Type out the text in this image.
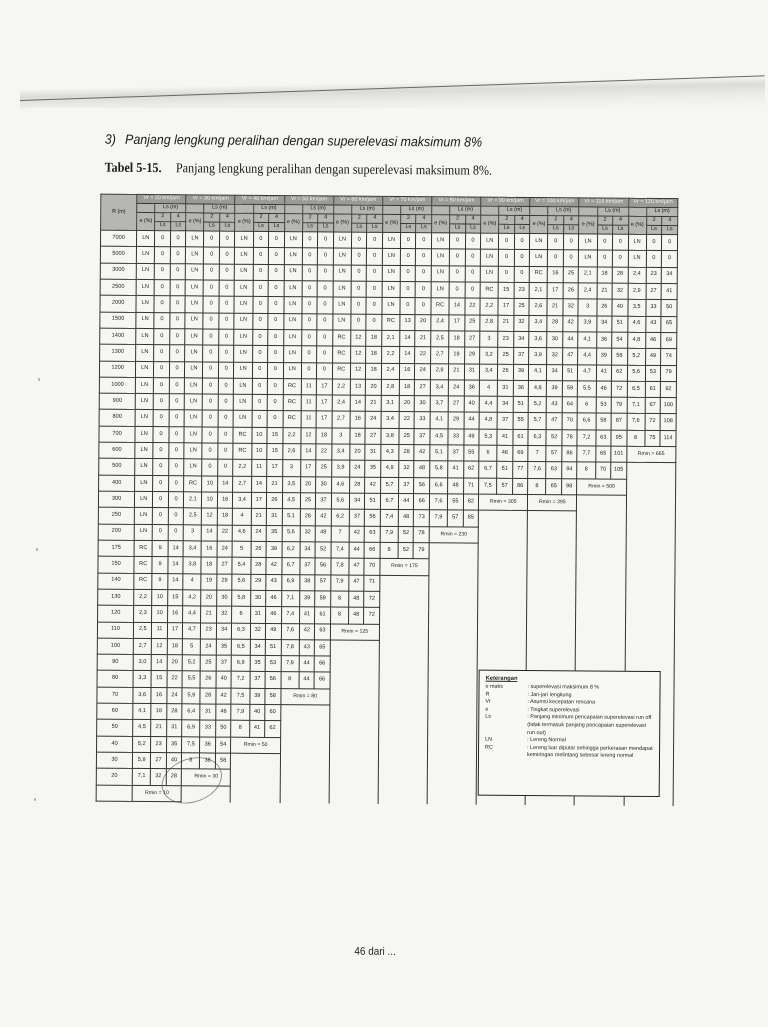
3) Panjang lengkung peralihan dengan superelevasi maksimum 8%
Tabel 5-15. Panjang lengkung peralihan dengan superelevasi maksimum 8%.
R (m)	Vr = 20 km/jam			Vr = 30 km/jam			Vr = 40 km/jam			Vr = 50 km/jam			Vr = 60 km/jam			Vr = 70 km/jam			Vr = 80 km/jam			Vr = 90 km/jam			Vr = 100 km/jam			Vr = 110 km/jam			Vr = 120 km/jam		
		Ls (m)			Ls (m)			Ls (m)			Ls (m)			Ls (m)			Ls (m)			Ls (m)			Ls (m)			Ls (m)			Ls (m)			Ls (m)	
	e (%)	2	4	e (%)	2	4	e (%)	2	4	e (%)	2	4	e (%)	2	4	e (%)	2	4	e (%)	2	4	e (%)	2	4	e (%)	2	4	e (%)	2	4	e (%)	2	4
		Ls	Ls		Ls	Ls		Ls	Ls		Ls	Ls		Ls	Ls		Ls	Ls		Ls	Ls		Ls	Ls		Ls	Ls		Ls	Ls		Ls	Ls
7000	LN	0	0	LN	0	0	LN	0	0	LN	0	0	LN	0	0	LN	0	0	LN	0	0	LN	0	0	LN	0	0	LN	0	0	LN	0	0
5000	LN	0	0	LN	0	0	LN	0	0	LN	0	0	LN	0	0	LN	0	0	LN	0	0	LN	0	0	LN	0	0	LN	0	0	LN	0	0
3000	LN	0	0	LN	0	0	LN	0	0	LN	0	0	LN	0	0	LN	0	0	LN	0	0	LN	0	0	RC	16	25	2,1	18	28	2,4	23	34
2500	LN	0	0	LN	0	0	LN	0	0	LN	0	0	LN	0	0	LN	0	0	LN	0	0	RC	15	23	2,1	17	26	2,4	21	32	2,9	27	41
2000	LN	0	0	LN	0	0	LN	0	0	LN	0	0	LN	0	0	LN	0	0	RC	14	22	2,2	17	25	2,6	21	32	3	26	40	3,5	33	50
1500	LN	0	0	LN	0	0	LN	0	0	LN	0	0	LN	0	0	RC	13	20	2,4	17	25	2,8	21	32	3,4	28	42	3,9	34	51	4,6	43	65
1400	LN	0	0	LN	0	0	LN	0	0	LN	0	0	RC	12	18	2,1	14	21	2,5	18	27	3	23	34	3,6	30	44	4,1	36	54	4,8	46	69
1300	LN	0	0	LN	0	0	LN	0	0	LN	0	0	RC	12	18	2,2	14	22	2,7	19	29	3,2	25	37	3,9	32	47	4,4	39	58	5,2	49	74
1200	LN	0	0	LN	0	0	LN	0	0	LN	0	0	RC	12	18	2,4	16	24	2,9	21	31	3,4	26	39	4,1	34	51	4,7	41	62	5,6	53	79
1000	LN	0	0	LN	0	0	LN	0	0	RC	11	17	2,2	13	20	2,8	18	27	3,4	24	36	4	31	36	4,8	39	59	5,5	46	72	6,5	61	92
900	LN	0	0	LN	0	0	LN	0	0	RC	11	17	2,4	14	21	3,1	20	30	3,7	27	40	4,4	34	51	5,2	43	64	6	53	79	7,1	67	100
800	LN	0	0	LN	0	0	LN	0	0	RC	11	17	2,7	16	24	3,4	22	33	4,1	29	44	4,8	37	55	5,7	47	70	6,6	58	87	7,6	72	108
700	LN	0	0	LN	0	0	RC	10	15	2,2	12	18	3	18	27	3,8	25	37	4,5	33	49	5,3	41	61	6,3	52	78	7,2	63	95	8	75	114
600	LN	0	0	LN	0	0	RC	10	15	2,6	14	22	3,4	20	31	4,3	28	42	5,1	37	55	6	46	69	7	57	86	7,7	65	101	Rmin = 665		
500	LN	0	0	LN	0	0	2,2	11	17	3	17	25	3,9	24	35	4,9	32	48	5,8	41	62	6,7	51	77	7,6	63	94	8	70	105			
400	LN	0	0	RC	10	14	2,7	14	21	3,5	20	30	4,6	28	42	5,7	37	56	6,6	48	71	7,5	57	86	8	65	98	Rmin = 500					
300	LN	0	0	2,1	10	16	3,4	17	26	4,5	25	37	5,6	34	51	6,7	44	66	7,6	55	82	Rmin = 305			Rmin = 395								
250	LN	0	0	2,5	12	18	4	21	31	5,1	28	42	6,2	37	56	7,4	48	73	7,9	57	85												
200	LN	0	0	3	14	22	4,6	24	35	5,6	32	48	7	42	63	7,9	52	78	Rmin = 230														
175	RC	9	14	3,4	16	24	5	26	39	6,2	34	52	7,4	44	66	8	52	79															
150	RC	9	14	3,8	18	27	5,4	28	42	6,7	37	56	7,8	47	70	Rmin = 175																	
140	RC	9	14	4	19	29	5,6	29	43	6,9	38	57	7,9	47	71																		
130	2,2	10	15	4,2	20	30	5,8	30	46	7,1	39	59	8	48	72																		
120	2,3	10	16	4,4	21	32	6	31	46	7,4	41	61	8	48	72																		
110	2,5	11	17	4,7	23	34	6,3	32	49	7,6	42	63	Rmin = 125																				
100	2,7	12	18	5	24	35	6,5	34	51	7,8	43	65																					
90	3,0	14	20	5,2	25	37	6,9	35	53	7,9	44	66																					
80	3,3	15	22	5,5	26	40	7,2	37	56	8	44	66																					
70	3,6	16	24	5,9	28	42	7,5	39	58	Rmin = 80																							
60	4,1	18	28	6,4	31	46	7,9	40	60																								
50	4,5	21	31	6,9	33	50	8	41	62																								
40	5,2	23	35	7,5	36	54	Rmin = 50																										
30	5,9	27	40	8	38	58																											
20	7,1	32	28	Rmin = 30																													
	Rmin = 10																																
Keterangan
e maks	: superelevasi maksimum 8 %
R	: Jari-jari lengkung
Vr	: Asumsi kecepatan rencana
e	: Tingkat superelevasi
Ls	: Panjang minimum pencapaian superelevasi run off
(tidak termasuk panjang pencapaian superelevasi run out)
LN	: Lereng Normal
RC	: Lereng luar diputar sehingga perkerasan mendapat
kemiringan melintang sebesar lereng normal
46 dari ...
